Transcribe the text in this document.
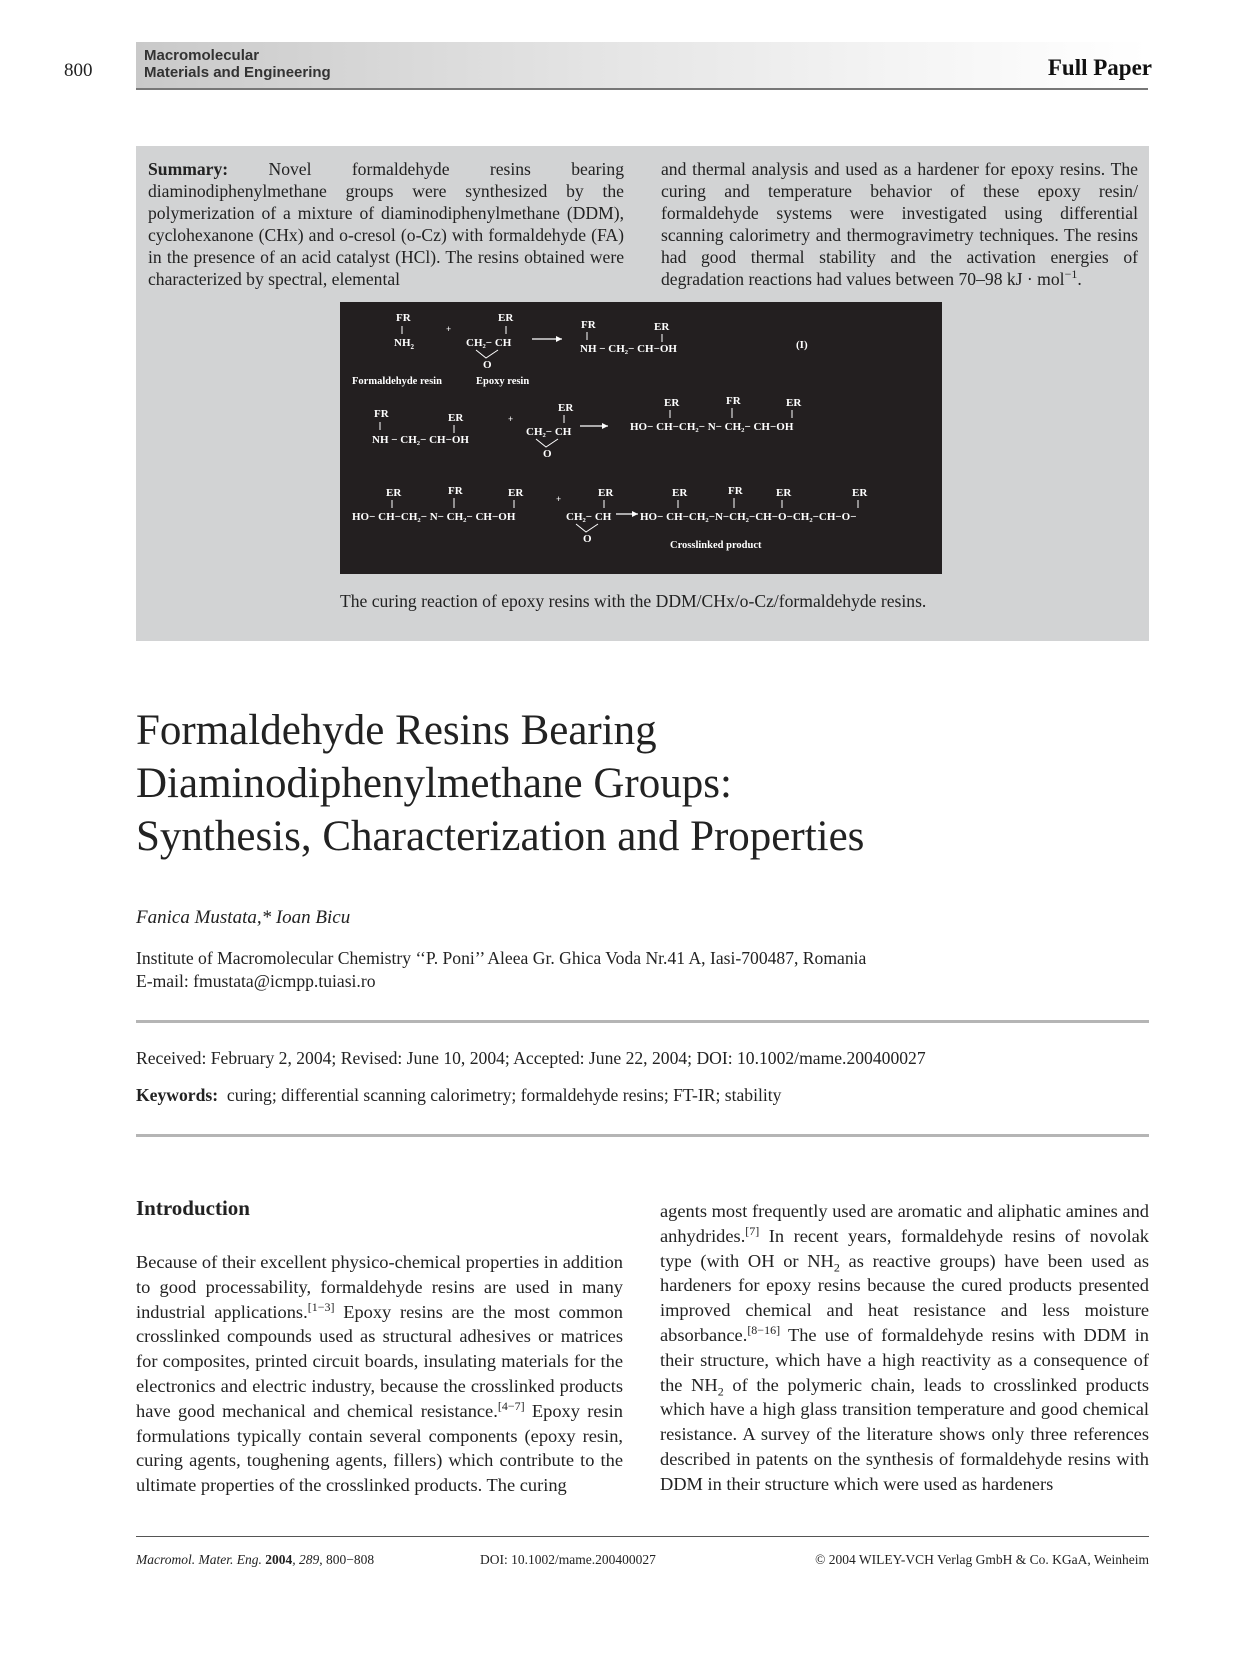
800
Macromolecular
Materials and Engineering	Full Paper
Summary: Novel formaldehyde resins bearing diaminodiphenylmethane groups were synthesized by the polymerization of a mixture of diaminodiphenylmethane (DDM), cyclohexanone (CHx) and o-cresol (o-Cz) with formaldehyde (FA) in the presence of an acid catalyst (HCl). The resins obtained were characterized by spectral, elemental
and thermal analysis and used as a hardener for epoxy resins. The curing and temperature behavior of these epoxy resin/ formaldehyde systems were investigated using differential scanning calorimetry and thermogravimetry techniques. The resins had good thermal stability and the activation energies of degradation reactions had values between 70–98 kJ · mol$^{-1}$.
FR
$NH_2$
+
ER
CH₂− CH
O
FR	ER
NH − CH₂− CH−OH	(I)
Formaldehyde resin	Epoxy resin
FR	ER
NH − CH₂− CH−OH
+
ER
CH₂− CH
O
ER	FR	ER
HO− CH−CH₂− N− CH₂− CH−OH
ER	FR	ER
HO− CH−CH₂− N− CH₂− CH−OH
+	ER
CH₂− CH
O
ER	FR	ER	ER
HO− CH−CH₂−N−CH₂−CH−O−CH₂−CH−O−
Crosslinked product
The curing reaction of epoxy resins with the DDM/CHx/o-Cz/formaldehyde resins.
Formaldehyde Resins Bearing
Diaminodiphenylmethane Groups:
Synthesis, Characterization and Properties
Fanica Mustata,* Ioan Bicu
Institute of Macromolecular Chemistry ‘‘P. Poni’’ Aleea Gr. Ghica Voda Nr.41 A, Iasi-700487, Romania
E-mail: fmustata@icmpp.tuiasi.ro
Received: February 2, 2004; Revised: June 10, 2004; Accepted: June 22, 2004; DOI: 10.1002/mame.200400027
Keywords: curing; differential scanning calorimetry; formaldehyde resins; FT-IR; stability
Introduction
Because of their excellent physico-chemical properties in addition to good processability, formaldehyde resins are used in many industrial applications.[1−3] Epoxy resins are the most common crosslinked compounds used as structural adhesives or matrices for composites, printed circuit boards, insulating materials for the electronics and electric industry, because the crosslinked products have good mechanical and chemical resistance.[4−7] Epoxy resin formulations typically contain several components (epoxy resin, curing agents, toughening agents, fillers) which contribute to the ultimate properties of the crosslinked products. The curing
agents most frequently used are aromatic and aliphatic amines and anhydrides.[7] In recent years, formaldehyde resins of novolak type (with OH or $NH_2$ as reactive groups) have been used as hardeners for epoxy resins because the cured products presented improved chemical and heat resistance and less moisture absorbance.[8−16] The use of formaldehyde resins with DDM in their structure, which have a high reactivity as a consequence of the $NH_2$ of the polymeric chain, leads to crosslinked products which have a high glass transition temperature and good chemical resistance. A survey of the literature shows only three references described in patents on the synthesis of formaldehyde resins with DDM in their structure which were used as hardeners
Macromol. Mater. Eng. 2004, 289, 800−808	DOI: 10.1002/mame.200400027	© 2004 WILEY-VCH Verlag GmbH & Co. KGaA, Weinheim
